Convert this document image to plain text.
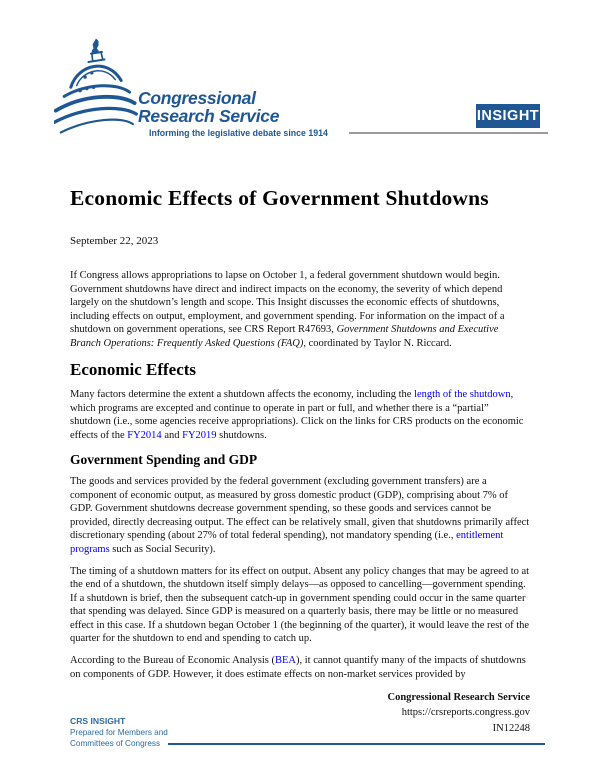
Congressional
Research Service
Informing the legislative debate since 1914
INSIGHT
Economic Effects of Government Shutdowns
September 22, 2023

If Congress allows appropriations to lapse on October 1, a federal government shutdown would begin. Government shutdowns have direct and indirect impacts on the economy, the severity of which depend largely on the shutdown’s length and scope. This Insight discusses the economic effects of shutdowns, including effects on output, employment, and government spending. For information on the impact of a shutdown on government operations, see CRS Report R47693, Government Shutdowns and Executive Branch Operations: Frequently Asked Questions (FAQ), coordinated by Taylor N. Riccard.

Economic Effects

Many factors determine the extent a shutdown affects the economy, including the length of the shutdown, which programs are excepted and continue to operate in part or full, and whether there is a “partial” shutdown (i.e., some agencies receive appropriations). Click on the links for CRS products on the economic effects of the FY2014 and FY2019 shutdowns.

Government Spending and GDP

The goods and services provided by the federal government (excluding government transfers) are a component of economic output, as measured by gross domestic product (GDP), comprising about 7% of GDP. Government shutdowns decrease government spending, so these goods and services cannot be provided, directly decreasing output. The effect can be relatively small, given that shutdowns primarily affect discretionary spending (about 27% of total federal spending), not mandatory spending (i.e., entitlement programs such as Social Security).

The timing of a shutdown matters for its effect on output. Absent any policy changes that may be agreed to at the end of a shutdown, the shutdown itself simply delays—as opposed to cancelling—government spending. If a shutdown is brief, then the subsequent catch-up in government spending could occur in the same quarter that spending was delayed. Since GDP is measured on a quarterly basis, there may be little or no measured effect in this case. If a shutdown began October 1 (the beginning of the quarter), it would leave the rest of the quarter for the shutdown to end and spending to catch up.

According to the Bureau of Economic Analysis (BEA), it cannot quantify many of the impacts of shutdowns on components of GDP. However, it does estimate effects on non-market services provided by

Congressional Research Service
https://crsreports.congress.gov
IN12248
CRS INSIGHT
Prepared for Members and
Committees of Congress
